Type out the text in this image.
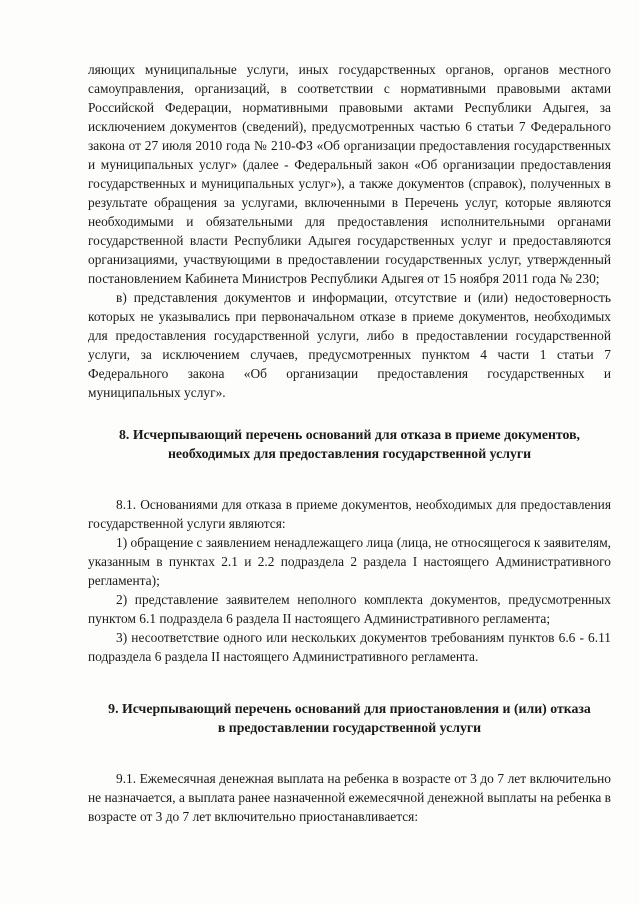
ляющих муниципальные услуги, иных государственных органов, органов местного самоуправления, организаций, в соответствии с нормативными правовыми актами Российской Федерации, нормативными правовыми актами Республики Адыгея, за исключением документов (сведений), предусмотренных частью 6 статьи 7 Федерального закона от 27 июля 2010 года № 210-ФЗ «Об организации предоставления государственных и муниципальных услуг» (далее - Федеральный закон «Об организации предоставления государственных и муниципальных услуг»), а также документов (справок), полученных в результате обращения за услугами, включенными в Перечень услуг, которые являются необходимыми и обязательными для предоставления исполнительными органами государственной власти Республики Адыгея государственных услуг и предоставляются организациями, участвующими в предоставлении государственных услуг, утвержденный постановлением Кабинета Министров Республики Адыгея от 15 ноября 2011 года № 230;

в) представления документов и информации, отсутствие и (или) недостоверность которых не указывались при первоначальном отказе в приеме документов, необходимых для предоставления государственной услуги, либо в предоставлении государственной услуги, за исключением случаев, предусмотренных пунктом 4 части 1 статьи 7 Федерального закона «Об организации предоставления государственных и муниципальных услуг».

8. Исчерпывающий перечень оснований для отказа в приеме документов,
необходимых для предоставления государственной услуги

8.1. Основаниями для отказа в приеме документов, необходимых для предоставления государственной услуги являются:

1) обращение с заявлением ненадлежащего лица (лица, не относящегося к заявителям, указанным в пунктах 2.1 и 2.2 подраздела 2 раздела I настоящего Административного регламента);

2) представление заявителем неполного комплекта документов, предусмотренных пунктом 6.1 подраздела 6 раздела II настоящего Административного регламента;

3) несоответствие одного или нескольких документов требованиям пунктов 6.6 - 6.11 подраздела 6 раздела II настоящего Административного регламента.

9. Исчерпывающий перечень оснований для приостановления и (или) отказа
в предоставлении государственной услуги

9.1. Ежемесячная денежная выплата на ребенка в возрасте от 3 до 7 лет включительно не назначается, а выплата ранее назначенной ежемесячной денежной выплаты на ребенка в возрасте от 3 до 7 лет включительно приостанавливается:
